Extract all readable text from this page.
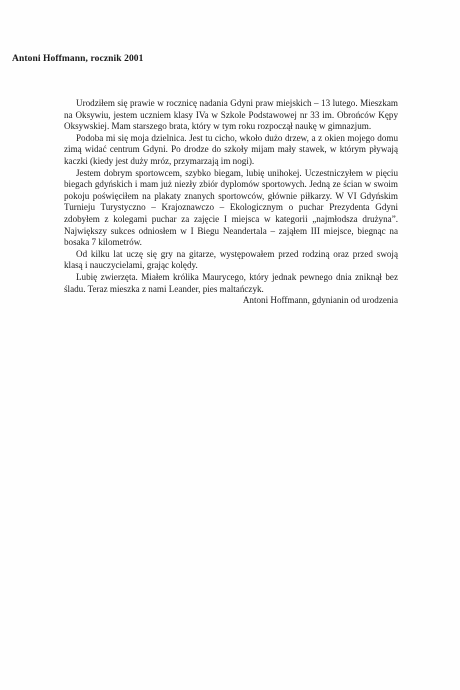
Antoni Hoffmann, rocznik 2001

Urodziłem się prawie w rocznicę nadania Gdyni praw miejskich – 13 lutego. Mieszkam na Oksywiu, jestem uczniem klasy IVa w Szkole Podstawowej nr 33 im. Obrońców Kępy Oksywskiej. Mam starszego brata, który w tym roku rozpoczął naukę w gimnazjum.

Podoba mi się moja dzielnica. Jest tu cicho, wkoło dużo drzew, a z okien mojego domu zimą widać centrum Gdyni. Po drodze do szkoły mijam mały stawek, w którym pływają kaczki (kiedy jest duży mróz, przymarzają im nogi).

Jestem dobrym sportowcem, szybko biegam, lubię unihokej. Uczestniczyłem w pięciu biegach gdyńskich i mam już niezły zbiór dyplomów sportowych. Jedną ze ścian w swoim pokoju poświęciłem na plakaty znanych sportowców, głównie piłkarzy. W VI Gdyńskim Turnieju Turystyczno – Krajoznawczo – Ekologicznym o puchar Prezydenta Gdyni zdobyłem z kolegami puchar za zajęcie I miejsca w kategorii „najmłodsza drużyna”. Największy sukces odniosłem w I Biegu Neandertala – zająłem III miejsce, biegnąc na bosaka 7 kilometrów.

Od kilku lat uczę się gry na gitarze, występowałem przed rodziną oraz przed swoją klasą i nauczycielami, grając kolędy.

Lubię zwierzęta. Miałem królika Maurycego, który jednak pewnego dnia zniknął bez śladu. Teraz mieszka z nami Leander, pies maltańczyk.

Antoni Hoffmann, gdynianin od urodzenia
